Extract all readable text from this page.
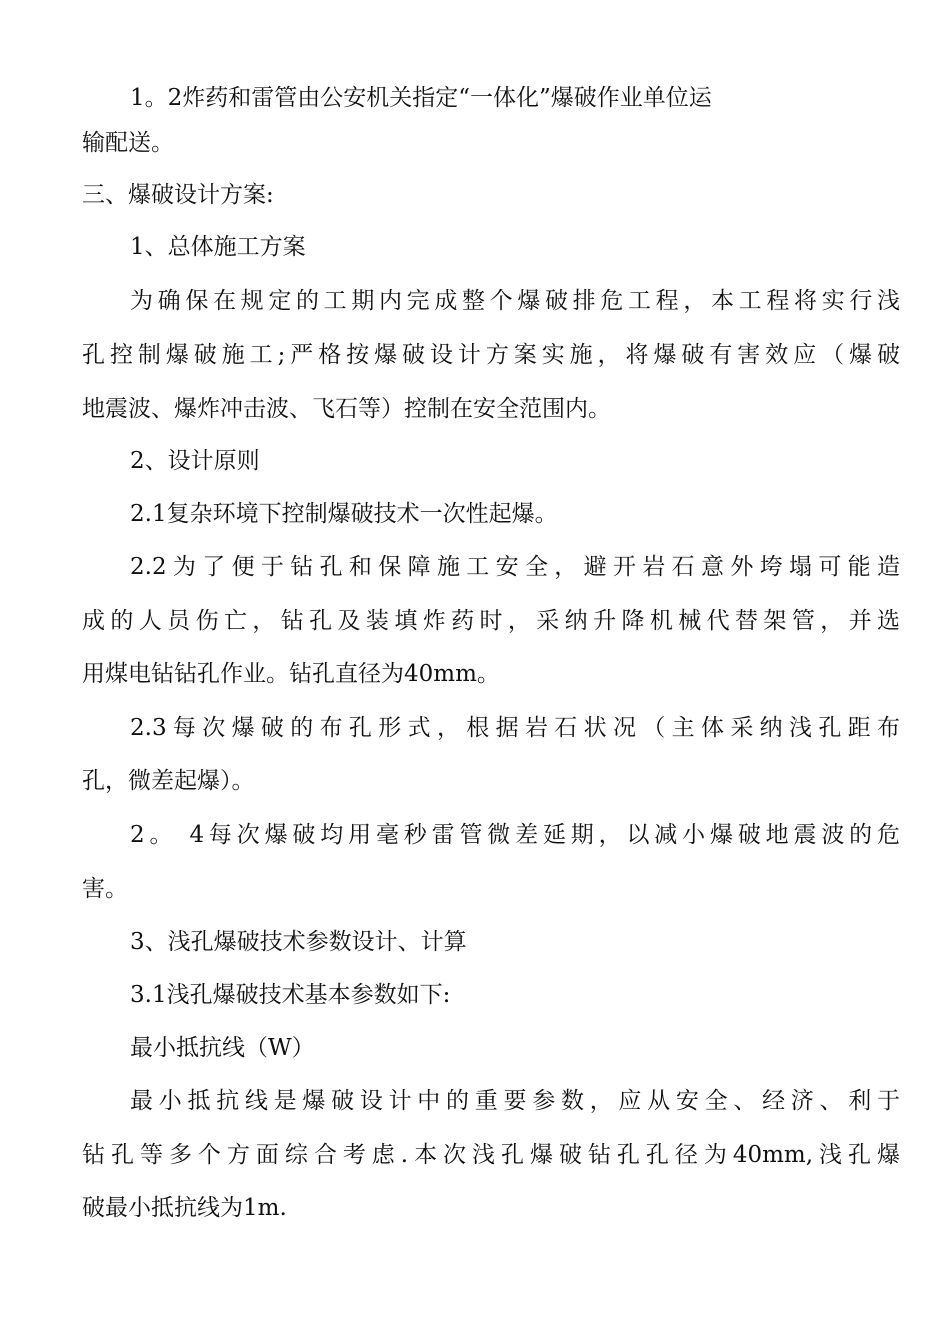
1。2炸药和雷管由公安机关指定“一体化”爆破作业单位运

输配送。

三、爆破设计方案:

1、总体施工方案

为确保在规定的工期内完成整个爆破排危工程，本工程将实行浅

孔控制爆破施工;严格按爆破设计方案实施，将爆破有害效应（爆破

地震波、爆炸冲击波、飞石等）控制在安全范围内。

2、设计原则

2.1复杂环境下控制爆破技术一次性起爆。

2.2为了便于钻孔和保障施工安全，避开岩石意外垮塌可能造

成的人员伤亡，钻孔及装填炸药时，采纳升降机械代替架管，并选

用煤电钻钻孔作业。钻孔直径为40mm。

2.3每次爆破的布孔形式，根据岩石状况（主体采纳浅孔距布

孔，微差起爆）。

2。 4每次爆破均用毫秒雷管微差延期，以减小爆破地震波的危

害。

3、浅孔爆破技术参数设计、计算

3.1浅孔爆破技术基本参数如下:

最小抵抗线（W）

最小抵抗线是爆破设计中的重要参数，应从安全、经济、利于

钻孔等多个方面综合考虑.本次浅孔爆破钻孔孔径为40mm,浅孔爆

破最小抵抗线为1m.
